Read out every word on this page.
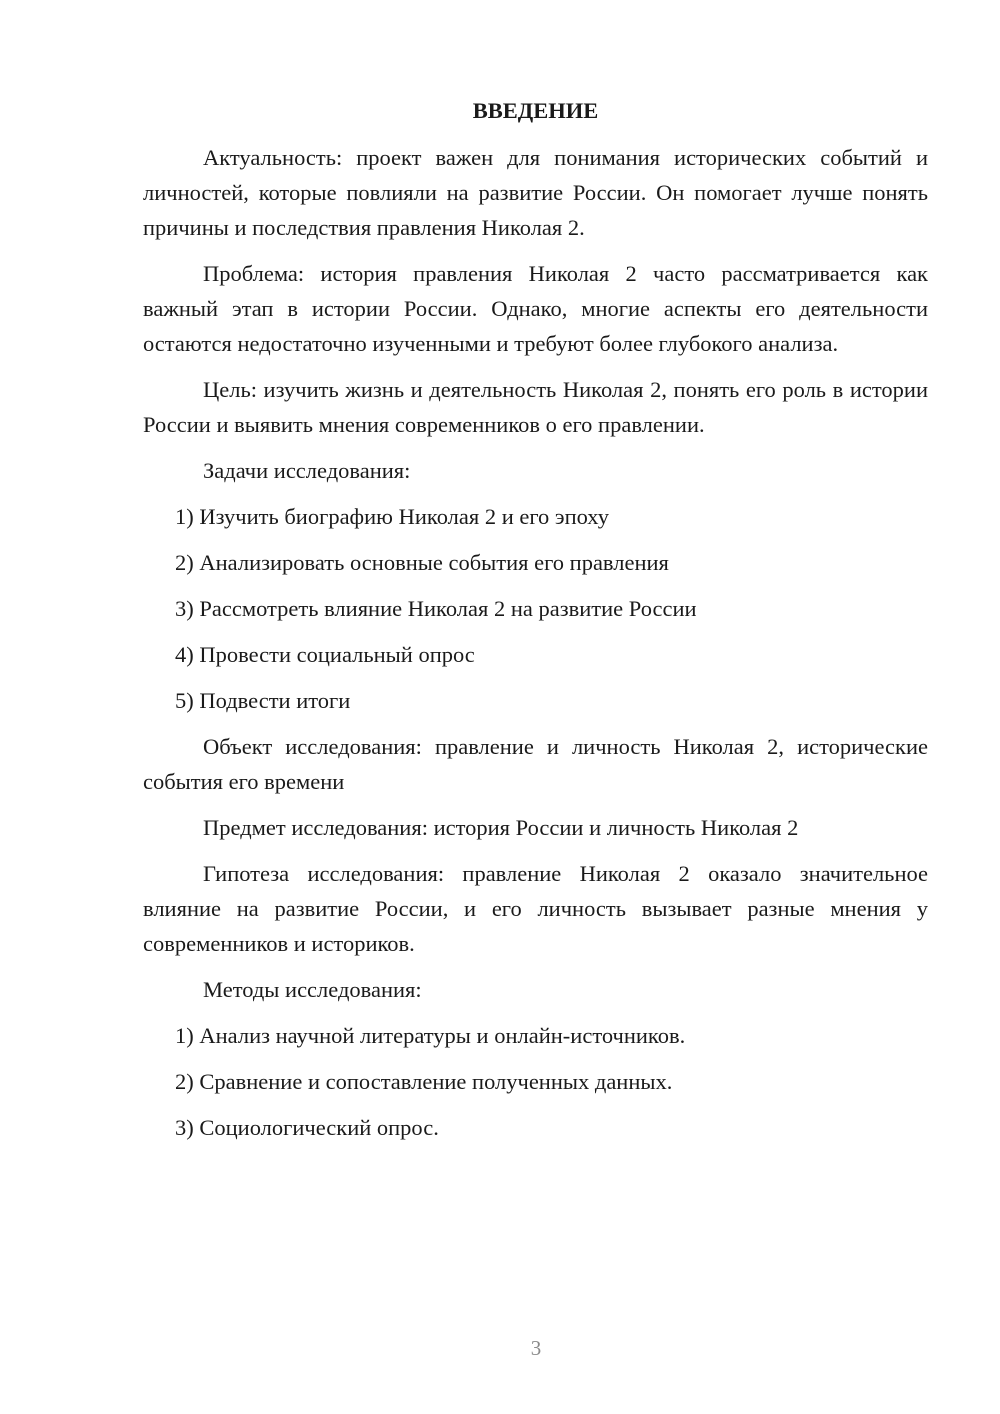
ВВЕДЕНИЕ

Актуальность: проект важен для понимания исторических событий и личностей, которые повлияли на развитие России. Он помогает лучше понять причины и последствия правления Николая 2.

Проблема: история правления Николая 2 часто рассматривается как важный этап в истории России. Однако, многие аспекты его деятельности остаются недостаточно изученными и требуют более глубокого анализа.

Цель: изучить жизнь и деятельность Николая 2, понять его роль в истории России и выявить мнения современников о его правлении.

Задачи исследования:

1) Изучить биографию Николая 2 и его эпоху

2) Анализировать основные события его правления

3) Рассмотреть влияние Николая 2 на развитие России

4) Провести социальный опрос

5) Подвести итоги

Объект исследования: правление и личность Николая 2, исторические события его времени

Предмет исследования: история России и личность Николая 2

Гипотеза исследования: правление Николая 2 оказало значительное влияние на развитие России, и его личность вызывает разные мнения у современников и историков.

Методы исследования:

1) Анализ научной литературы и онлайн-источников.

2) Сравнение и сопоставление полученных данных.

3) Социологический опрос.

3
